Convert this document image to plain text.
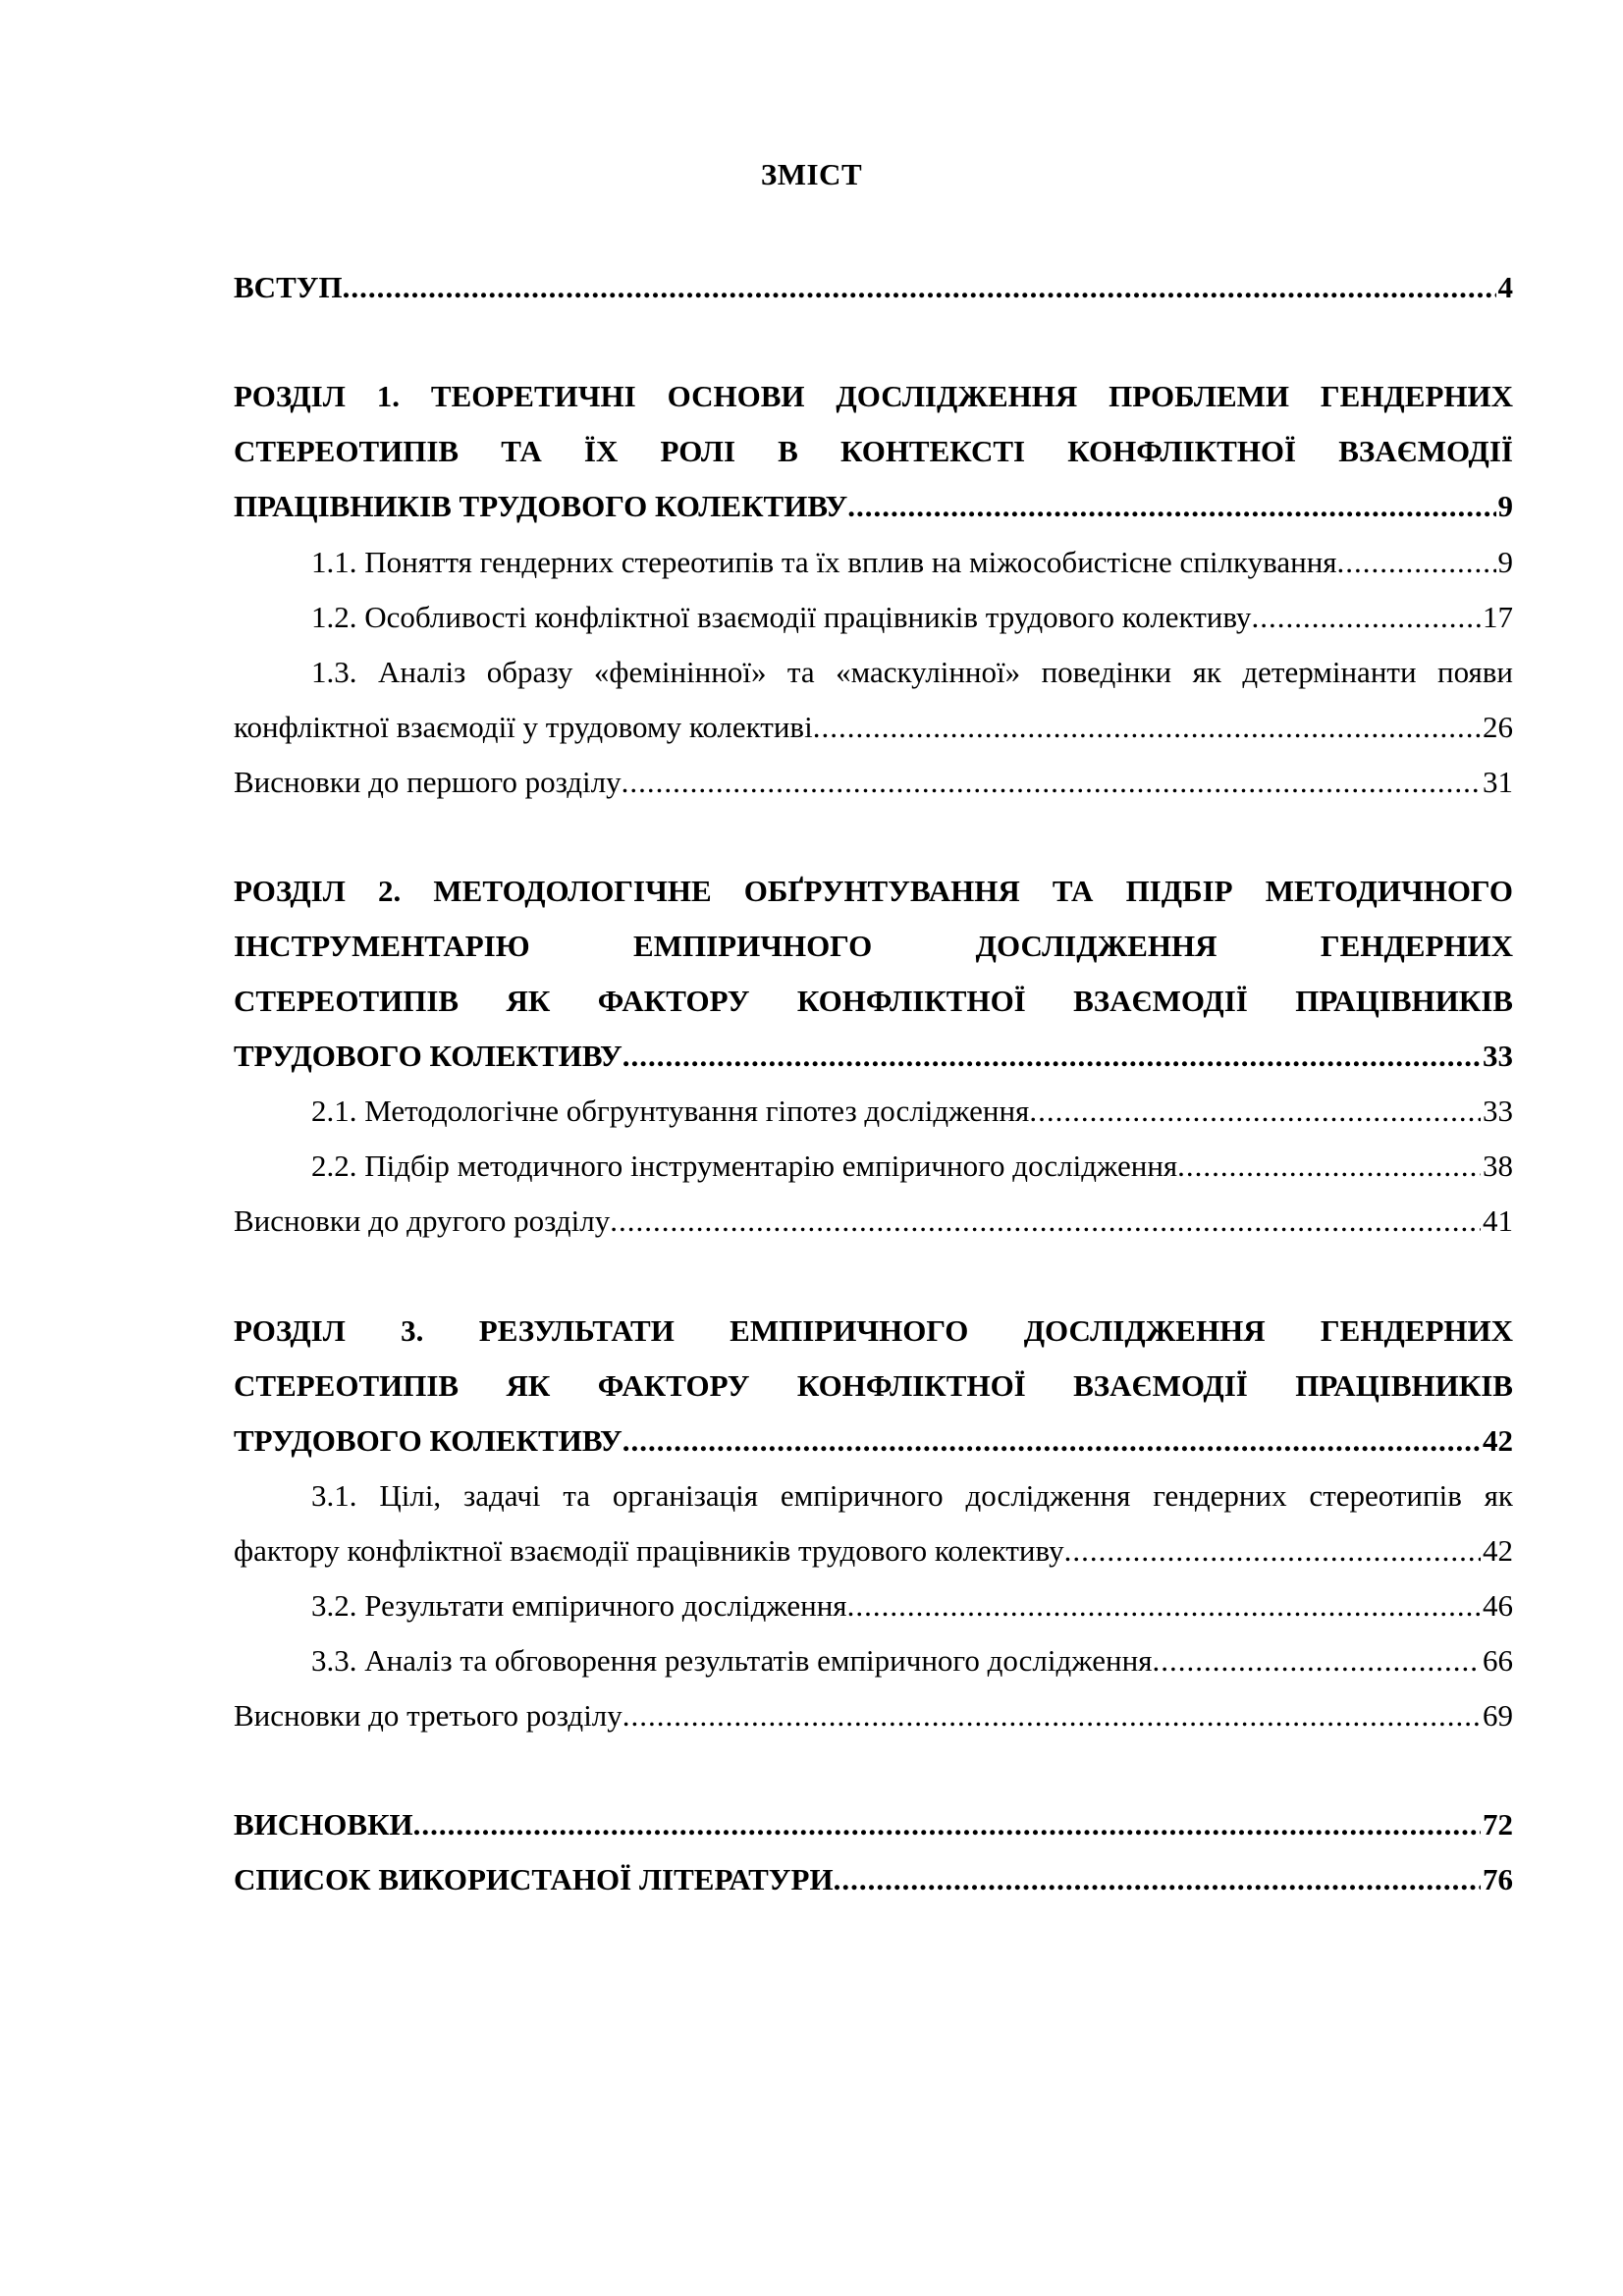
ЗМІСТ
ВСТУП .....	4
РОЗДІЛ 1. ТЕОРЕТИЧНІ ОСНОВИ ДОСЛІДЖЕННЯ ПРОБЛЕМИ ГЕНДЕРНИХ
СТЕРЕОТИПІВ ТА ЇХ РОЛІ В КОНТЕКСТІ КОНФЛІКТНОЇ ВЗАЄМОДІЇ
ПРАЦІВНИКІВ ТРУДОВОГО КОЛЕКТИВУ .....	9
1.1. Поняття гендерних стереотипів та їх вплив на міжособистісне спілкування .....	9
1.2. Особливості конфліктної взаємодії працівників трудового колективу .....	17
1.3. Аналіз образу «фемінінної» та «маскулінної» поведінки як детермінанти появи
конфліктної взаємодії у трудовому колективі .....	26
Висновки до першого розділу .....	31
РОЗДІЛ 2. МЕТОДОЛОГІЧНЕ ОБҐРУНТУВАННЯ ТА ПІДБІР МЕТОДИЧНОГО
ІНСТРУМЕНТАРІЮ ЕМПІРИЧНОГО ДОСЛІДЖЕННЯ ГЕНДЕРНИХ
СТЕРЕОТИПІВ ЯК ФАКТОРУ КОНФЛІКТНОЇ ВЗАЄМОДІЇ ПРАЦІВНИКІВ
ТРУДОВОГО КОЛЕКТИВУ .....	33
2.1. Методологічне обгрунтування гіпотез дослідження .....	33
2.2. Підбір методичного інструментарію емпіричного дослідження .....	38
Висновки до другого розділу .....	41
РОЗДІЛ 3. РЕЗУЛЬТАТИ ЕМПІРИЧНОГО ДОСЛІДЖЕННЯ ГЕНДЕРНИХ
СТЕРЕОТИПІВ ЯК ФАКТОРУ КОНФЛІКТНОЇ ВЗАЄМОДІЇ ПРАЦІВНИКІВ
ТРУДОВОГО КОЛЕКТИВУ .....	42
3.1. Цілі, задачі та організація емпіричного дослідження гендерних стереотипів як
фактору конфліктної взаємодії працівників трудового колективу .....	42
3.2. Результати емпіричного дослідження .....	46
3.3. Аналіз та обговорення результатів емпіричного дослідження .....	66
Висновки до третього розділу .....	69
ВИСНОВКИ .....	72
СПИСОК ВИКОРИСТАНОЇ ЛІТЕРАТУРИ .....	76
